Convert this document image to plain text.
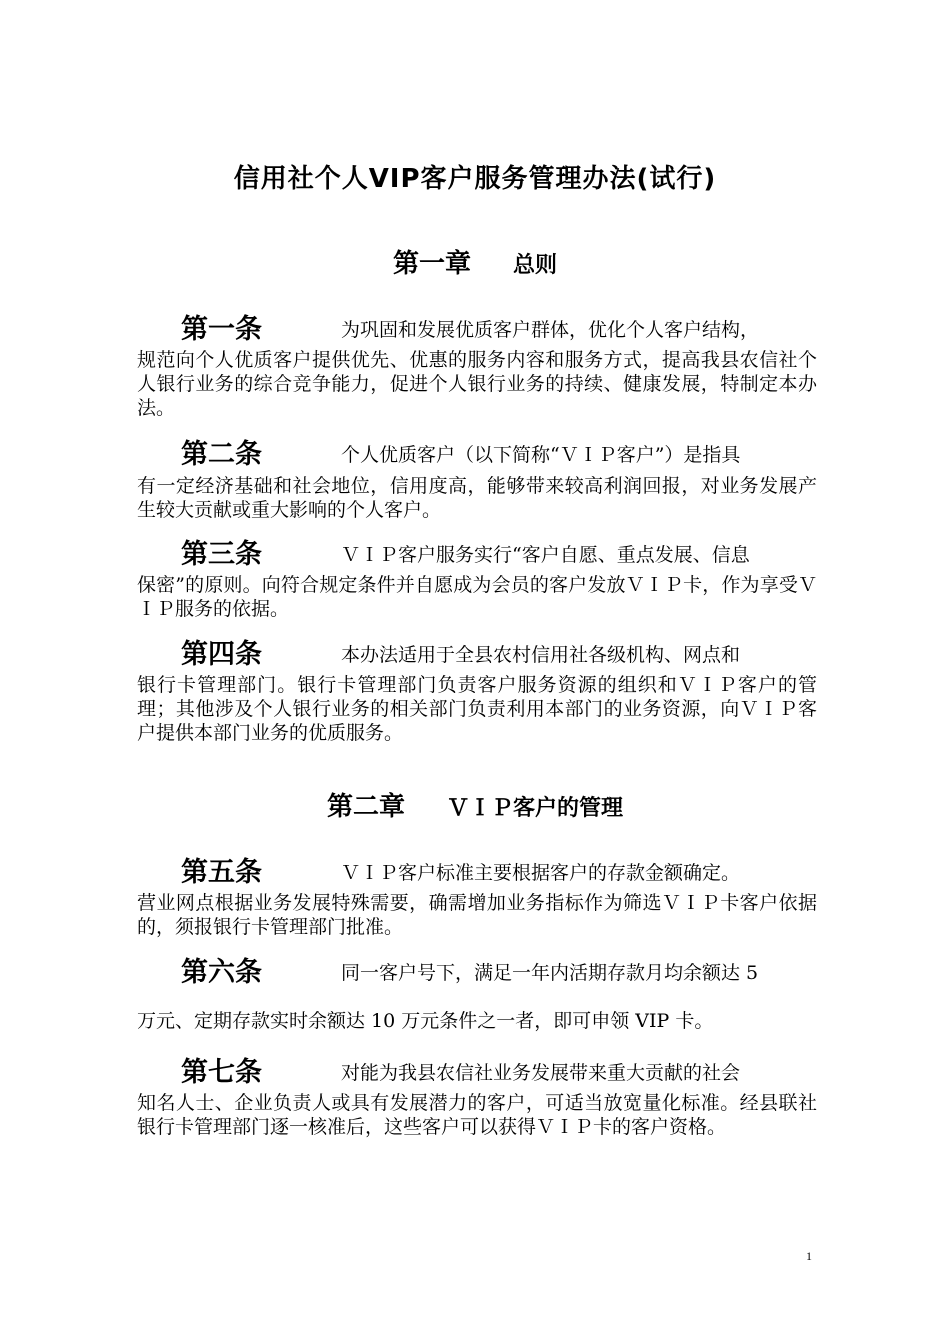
信用社个人VIP客户服务管理办法(试行)
第一章 总则
第一条	为巩固和发展优质客户群体，优化个人客户结构，

规范向个人优质客户提供优先、优惠的服务内容和服务方式，提高我县农信社个人银行业务的综合竞争能力，促进个人银行业务的持续、健康发展，特制定本办法。

第二条	个人优质客户（以下简称“ＶＩＰ客户”）是指具

有一定经济基础和社会地位，信用度高，能够带来较高利润回报，对业务发展产生较大贡献或重大影响的个人客户。

第三条	ＶＩＰ客户服务实行“客户自愿、重点发展、信息

保密”的原则。向符合规定条件并自愿成为会员的客户发放ＶＩＰ卡，作为享受ＶＩＰ服务的依据。

第四条	本办法适用于全县农村信用社各级机构、网点和

银行卡管理部门。银行卡管理部门负责客户服务资源的组织和ＶＩＰ客户的管理；其他涉及个人银行业务的相关部门负责利用本部门的业务资源，向ＶＩＰ客户提供本部门业务的优质服务。

第二章 ＶＩＰ客户的管理
第五条	ＶＩＰ客户标准主要根据客户的存款金额确定。

营业网点根据业务发展特殊需要，确需增加业务指标作为筛选ＶＩＰ卡客户依据的，须报银行卡管理部门批准。

第六条	同一客户号下，满足一年内活期存款月均余额达 5

万元、定期存款实时余额达 10 万元条件之一者，即可申领 VIP 卡。

第七条	对能为我县农信社业务发展带来重大贡献的社会

知名人士、企业负责人或具有发展潜力的客户，可适当放宽量化标准。经县联社银行卡管理部门逐一核准后，这些客户可以获得ＶＩＰ卡的客户资格。

1
